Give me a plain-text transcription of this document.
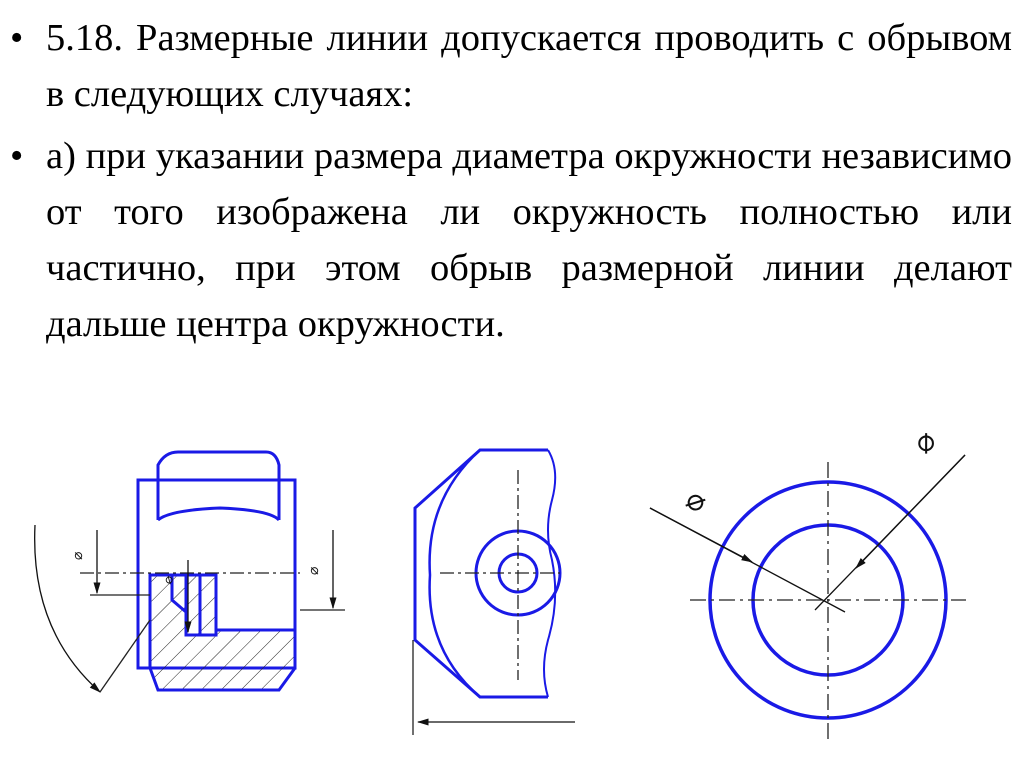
• 5.18. Размерные линии допускается проводить с обрывом в следующих случаях:
• а) при указании размера диаметра окружности независимо от того изображена ли окружность полностью или частично, при этом обрыв размерной линии делают дальше центра окружности.
⌀
⌀
⌀
⌀
⌀
